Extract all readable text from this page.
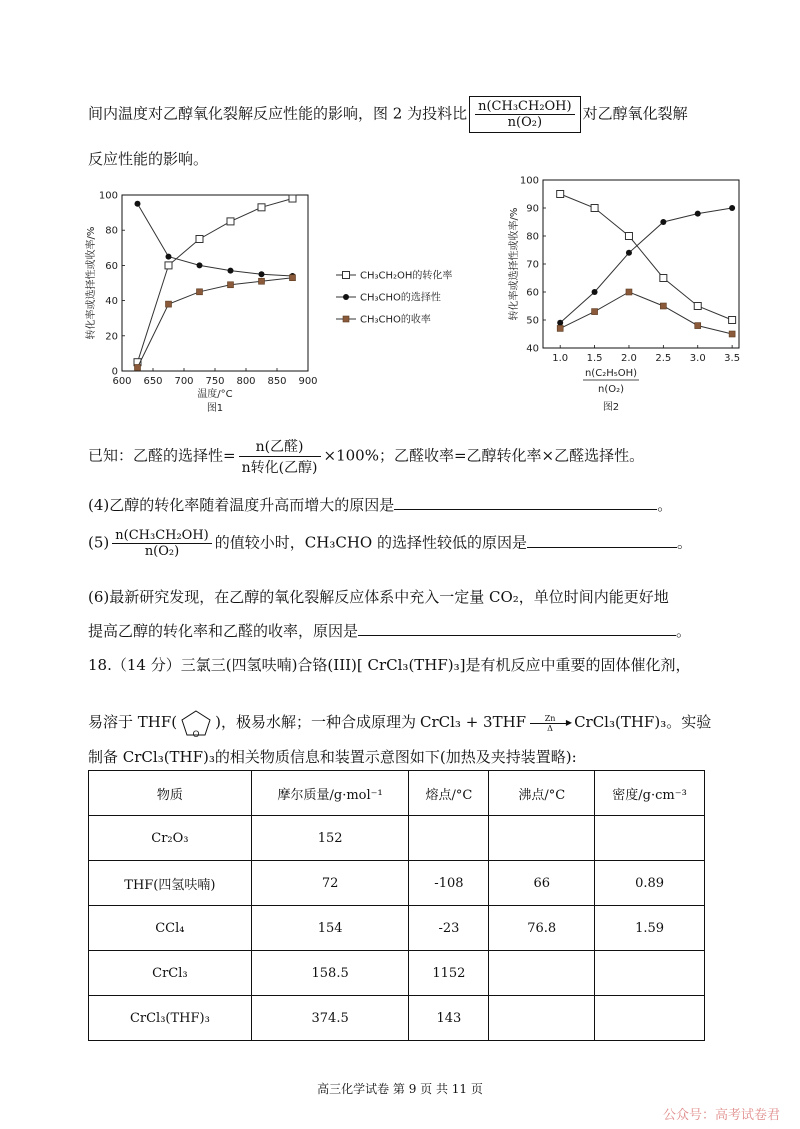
间内温度对乙醇氧化裂解反应性能的影响，图 2 为投料比 $\frac{\text{n(CH₃CH₂OH)}}{\text{n(O₂)}}$ 对乙醇氧化裂解
反应性能的影响。
600 650 700 750 800 850 900
0
20
40
60
80
100
转化率或选择性或收率/%
温度/°C
图1
CH₃CH₂OH的转化率
CH₃CHO的选择性
CH₃CHO的收率
1.0 1.5 2.0 2.5 3.0 3.5
40
50
60
70
80
90
100
转化率或选择性或收率/%
n(C₂H₅OH)
n(O₂)
图2
已知：乙醛的选择性= $\frac{\text{n(乙醛)}}{\text{n转化(乙醇)}} \times 100\%$；乙醛收率=乙醇转化率×乙醛选择性。
(4)乙醇的转化率随着温度升高而增大的原因是	。
$(5) \frac{\text{n(CH₃CH₂OH)}}{\text{n(O₂)}}$ 的值较小时，CH₃CHO 的选择性较低的原因是	。
(6)最新研究发现，在乙醇的氧化裂解反应体系中充入一定量 CO₂，单位时间内能更好地
提高乙醇的转化率和乙醛的收率，原因是	。
18.（14 分）三氯三(四氢呋喃)合铬(III)[ CrCl₃(THF)₃]是有机反应中重要的固体催化剂，
易溶于 THF(
O
)，极易水解；一种合成原理为 CrCl₃ + 3THF	Zn	▶
Δ	CrCl₃(THF)₃。实验
制备 CrCl₃(THF)₃的相关物质信息和装置示意图如下(加热及夹持装置略):
物质	摩尔质量/g·mol⁻¹	熔点/°C	沸点/°C	密度/g·cm⁻³
Cr₂O₃	152			
THF(四氢呋喃)	72	-108	66	0.89
CCl₄	154	-23	76.8	1.59
CrCl₃	158.5	1152		
CrCl₃(THF)₃	374.5	143		
高三化学试卷 第 9 页 共 11 页
公众号：高考试卷君
